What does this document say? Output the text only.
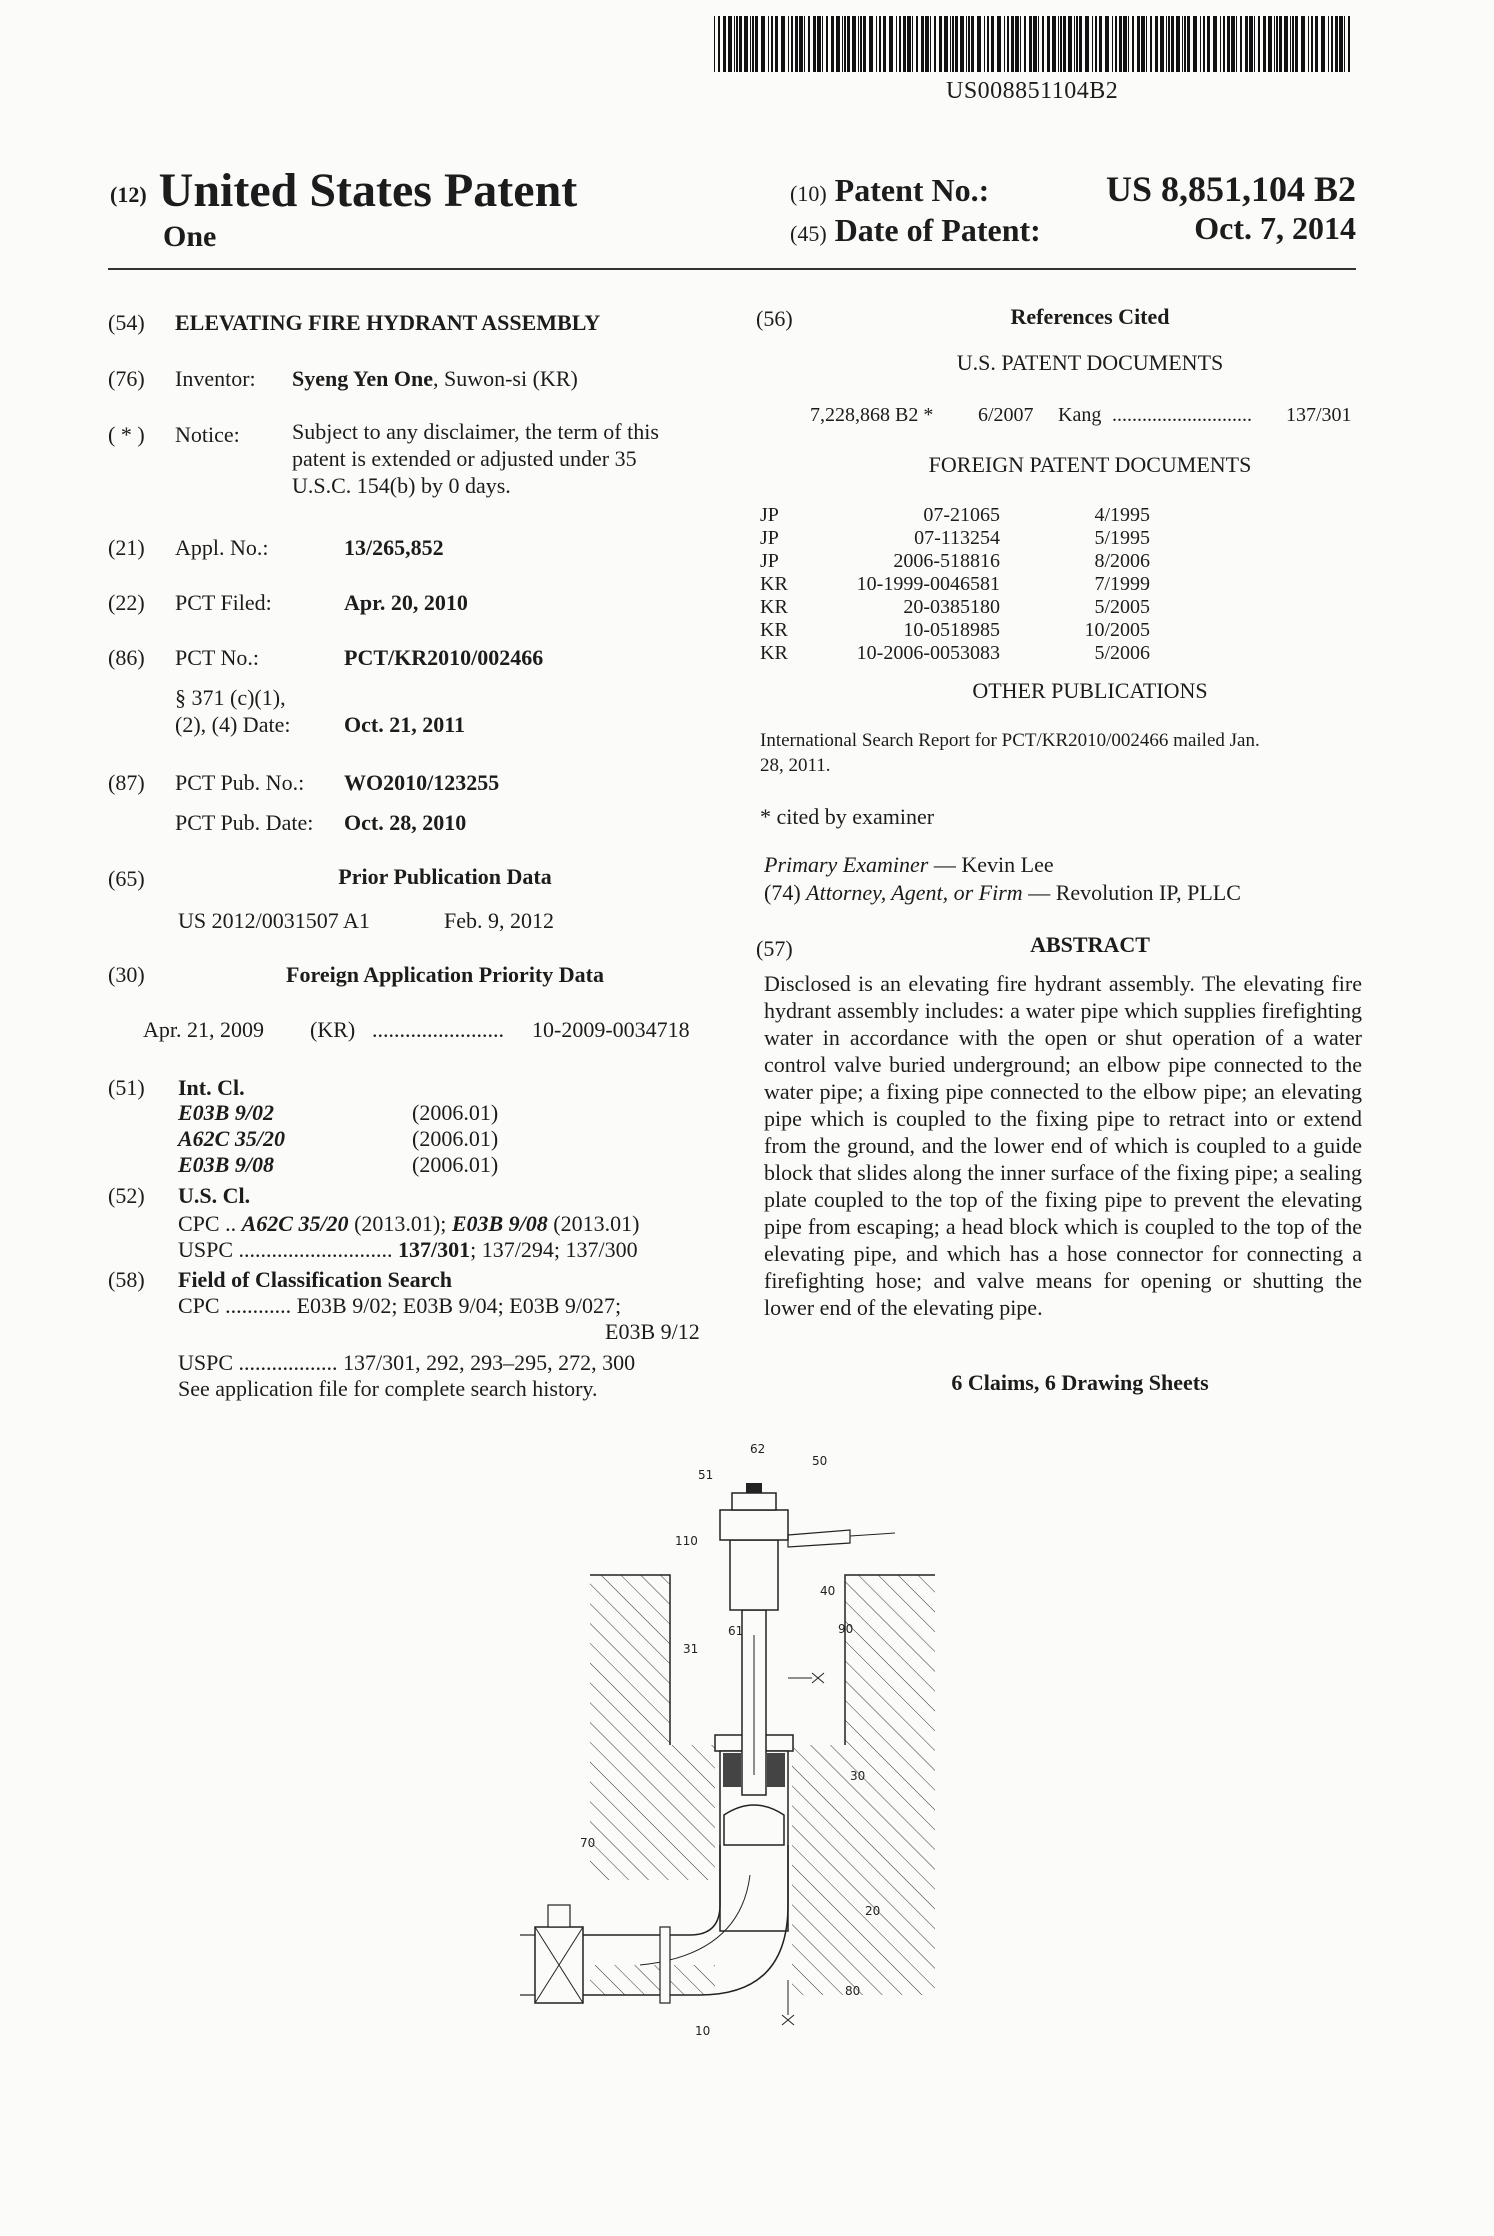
US008851104B2
(12) United States Patent
One
(10) Patent No.:	US 8,851,104 B2
(45) Date of Patent:	Oct. 7, 2014
(54) ELEVATING FIRE HYDRANT ASSEMBLY
(76) Inventor: Syeng Yen One, Suwon-si (KR)
( * ) Notice: Subject to any disclaimer, the term of this
patent is extended or adjusted under 35
U.S.C. 154(b) by 0 days.
(21) Appl. No.:	13/265,852
(22) PCT Filed:	Apr. 20, 2010
(86) PCT No.:	PCT/KR2010/002466
§ 371 (c)(1),
(2), (4) Date: Oct. 21, 2011
(87) PCT Pub. No.: WO2010/123255
PCT Pub. Date: Oct. 28, 2010
(65)	Prior Publication Data
US 2012/0031507 A1	Feb. 9, 2012
(30)	Foreign Application Priority Data
Apr. 21, 2009 (KR) ........................ 10-2009-0034718
(51) Int. Cl.
E03B 9/02	(2006.01)
A62C 35/20	(2006.01)
E03B 9/08	(2006.01)
(52) U.S. Cl.
CPC .. A62C 35/20 (2013.01); E03B 9/08 (2013.01)
USPC ............................ 137/301; 137/294; 137/300
(58) Field of Classification Search
CPC ............ E03B 9/02; E03B 9/04; E03B 9/027;
E03B 9/12
USPC .................. 137/301, 292, 293–295, 272, 300
See application file for complete search history.
(56)	References Cited
U.S. PATENT DOCUMENTS
7,228,868 B2 * 6/2007 Kang ............................ 137/301
FOREIGN PATENT DOCUMENTS
JP	07-21065	4/1995
JP	07-113254	5/1995
JP	2006-518816	8/2006
KR	10-1999-0046581	7/1999
KR	20-0385180	5/2005
KR	10-0518985	10/2005
KR	10-2006-0053083	5/2006
OTHER PUBLICATIONS
International Search Report for PCT/KR2010/002466 mailed Jan.
28, 2011.
* cited by examiner
Primary Examiner — Kevin Lee
(74) Attorney, Agent, or Firm — Revolution IP, PLLC
(57)	ABSTRACT
Disclosed is an elevating fire hydrant assembly. The elevating fire hydrant assembly includes: a water pipe which supplies firefighting water in accordance with the open or shut operation of a water control valve buried underground; an elbow pipe connected to the water pipe; a fixing pipe connected to the elbow pipe; an elevating pipe which is coupled to the fixing pipe to retract into or extend from the ground, and the lower end of which is coupled to a guide block that slides along the inner surface of the fixing pipe; a sealing plate coupled to the top of the fixing pipe to prevent the elevating pipe from escaping; a head block which is coupled to the top of the elevating pipe, and which has a hose connector for connecting a firefighting hose; and valve means for opening or shutting the lower end of the elevating pipe.
6 Claims, 6 Drawing Sheets
62
50
51
110
40
61	90
31
30
70
20
80
10
